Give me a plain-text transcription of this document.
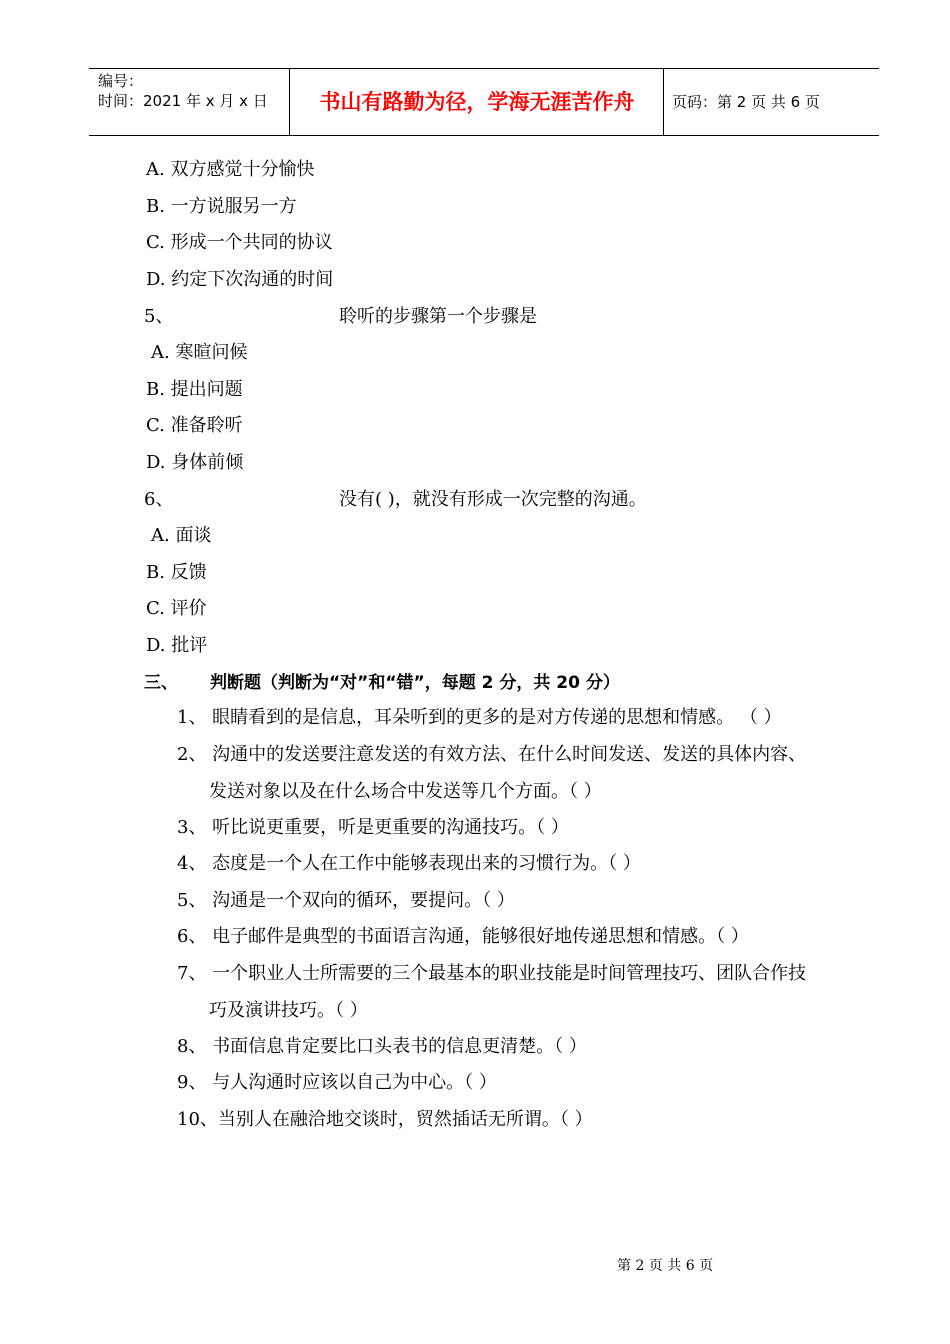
编号：
时间：2021 年 x 月 x 日	书山有路勤为径，学海无涯苦作舟	页码：第 2 页 共 6 页
A. 双方感觉十分愉快
B. 一方说服另一方
C. 形成一个共同的协议
D. 约定下次沟通的时间
5、	聆听的步骤第一个步骤是
A. 寒暄问候
B. 提出问题
C. 准备聆听
D. 身体前倾
6、	没有( )，就没有形成一次完整的沟通。
A. 面谈
B. 反馈
C. 评价
D. 批评
三、 判断题（判断为“对”和“错”，每题 2 分，共 20 分）
1、 眼睛看到的是信息，耳朵听到的更多的是对方传递的思想和情感。 （ ）
2、 沟通中的发送要注意发送的有效方法、在什么时间发送、发送的具体内容、
发送对象以及在什么场合中发送等几个方面。（ ）
3、 听比说更重要，听是更重要的沟通技巧。（ ）
4、 态度是一个人在工作中能够表现出来的习惯行为。（ ）
5、 沟通是一个双向的循环，要提问。（ ）
6、 电子邮件是典型的书面语言沟通，能够很好地传递思想和情感。（ ）
7、 一个职业人士所需要的三个最基本的职业技能是时间管理技巧、团队合作技
巧及演讲技巧。（ ）
8、 书面信息肯定要比口头表书的信息更清楚。（ ）
9、 与人沟通时应该以自己为中心。（ ）
10、当别人在融洽地交谈时，贸然插话无所谓。（ ）
第 2 页 共 6 页
